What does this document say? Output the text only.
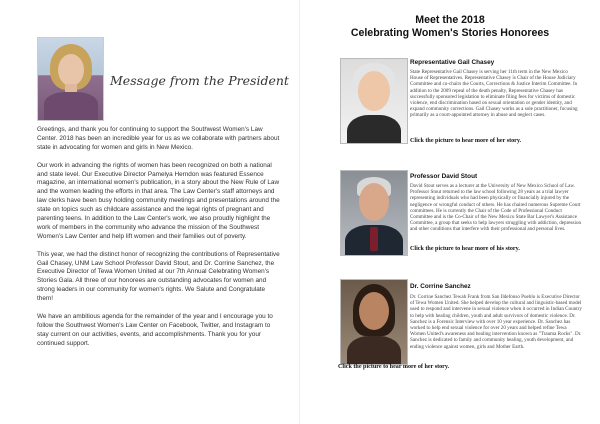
Message from the President

Greetings, and thank you for continuing to support the Southwest Women's Law Center. 2018 has been an incredible year for us as we collaborate with partners about state in advocating for women and girls in New Mexico.

Our work in advancing the rights of women has been recognized on both a national and state level. Our Executive Director Pamelya Herndon was featured Essence magazine, an international women's publication, in a story about the New Rule of Law and the women leading the efforts in that area. The Law Center's staff attorneys and law clerks have been busy holding community meetings and presentations around the state on topics such as childcare assistance and the legal rights of pregnant and parenting teens. In addition to the Law Center's work, we also proudly highlight the work of members in the community who advance the mission of the Southwest Women's Law Center and help lift women and their families out of poverty.

This year, we had the distinct honor of recognizing the contributions of Representative Gail Chasey, UNM Law School Professor David Stout, and Dr. Corrine Sanchez, the Executive Director of Tewa Women United at our 7th Annual Celebrating Women's Stories Gala. All three of our honorees are outstanding advocates for women and strong leaders in our community for women's rights. We Salute and Congratulate them!

We have an ambitious agenda for the remainder of the year and I encourage you to follow the Southwest Women's Law Center on Facebook, Twitter, and Instagram to stay current on our activities, events, and accomplishments. Thank you for your continued support.

Meet the 2018
Celebrating Women's Stories Honorees
Representative Gail Chasey
State Representative Gail Chasey is serving her 11th term in the New Mexico House of Representatives. Representative Chasey is Chair of the House Judiciary Committee and co-chairs the Courts, Corrections & Justice Interim Committee. In addition to the 2009 repeal of the death penalty, Representative Chasey has successfully sponsored legislation to eliminate filing fees for victims of domestic violence, end discrimination based on sexual orientation or gender identity, and expand community corrections. Gail Chasey works as a sole practitioner, focusing primarily as a court-appointed attorney in abuse and neglect cases.
Click the picture to hear more of her story.
Professor David Stout
David Stout serves as a lecturer at the University of New Mexico School of Law. Professor Stout returned to the law school following 28 years as a trial lawyer representing individuals who had been physically or financially injured by the negligence or wrongful conduct of others. He has chaired numerous Supreme Court committees. He is currently the Chair of the Code of Professional Conduct Committee and is the Co-Chair of the New Mexico State Bar Lawyer's Assistance Committee, a group that seeks to help lawyers struggling with addiction, depression and other conditions that interfere with their professional and personal lives.
Click the picture to hear more of his story.
Dr. Corrine Sanchez
Dr. Corrine Sanchez Tewah Frank from San Ildefonso Pueblo is Executive Director of Tewa Women United. She helped develop the cultural and linguistic-based model used to respond and intervene in sexual violence when it occurred in Indian Country to help with healing children, youth and adult survivors of domestic violence. Dr. Sanchez is a Forensic Interview with over 10 year experience. Dr. Sanchez has worked to help end sexual violence for over 20 years and helped refine Tewa Women United's awareness and healing intervention known as "Trauma Rocks". Dr. Sanchez is dedicated to family and community healing, youth development, and ending violence against women, girls and Mother Earth.
Click the picture to hear more of her story.
